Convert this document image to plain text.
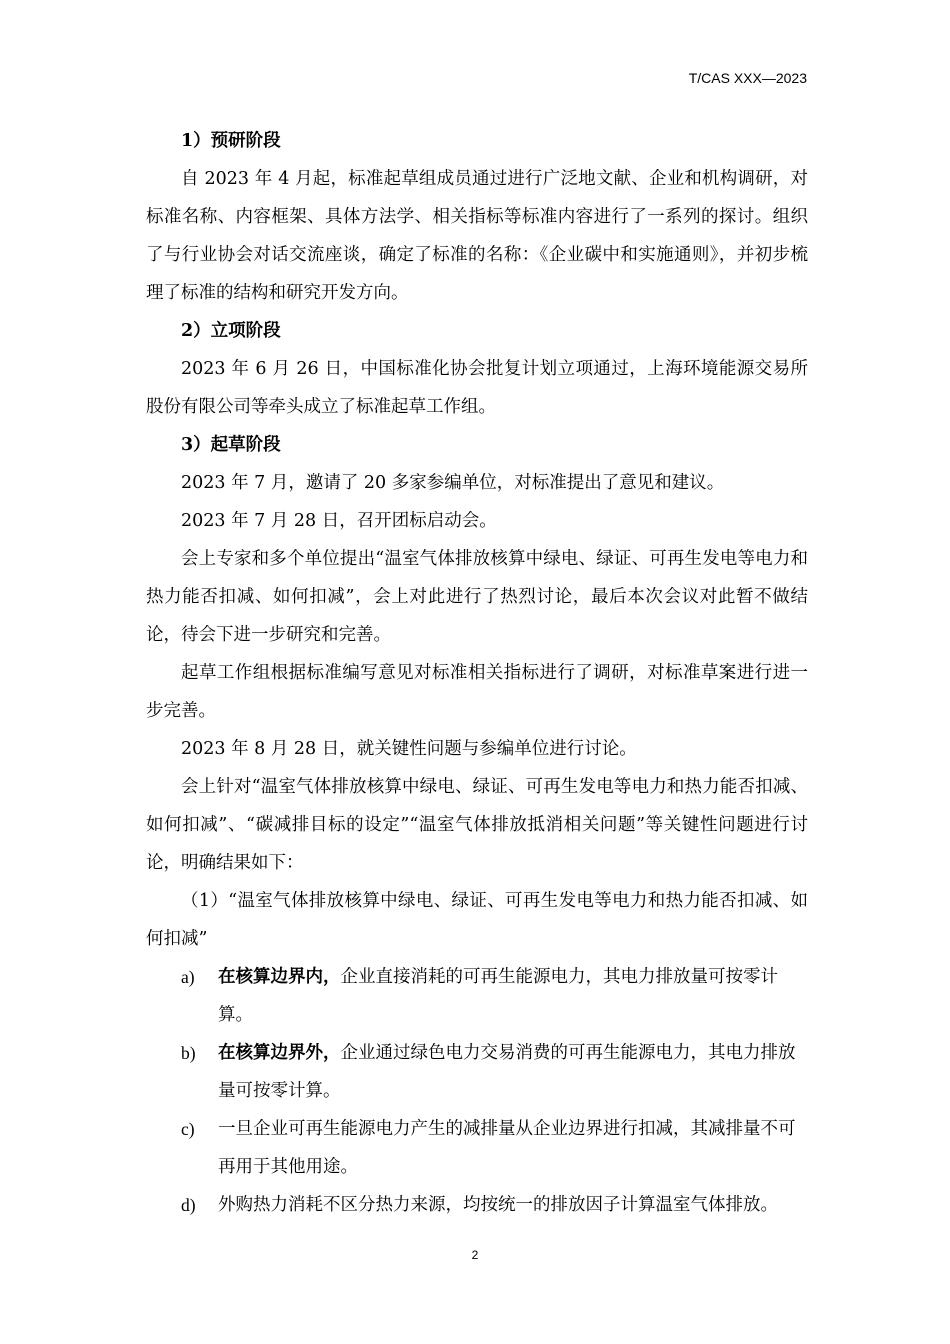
T/CAS XXX—2023

1）预研阶段

自 2023 年 4 月起，标准起草组成员通过进行广泛地文献、企业和机构调研，对标准名称、内容框架、具体方法学、相关指标等标准内容进行了一系列的探讨。组织了与行业协会对话交流座谈，确定了标准的名称：《企业碳中和实施通则》，并初步梳理了标准的结构和研究开发方向。

2）立项阶段

2023 年 6 月 26 日，中国标准化协会批复计划立项通过，上海环境能源交易所股份有限公司等牵头成立了标准起草工作组。

3）起草阶段

2023 年 7 月，邀请了 20 多家参编单位，对标准提出了意见和建议。

2023 年 7 月 28 日，召开团标启动会。

会上专家和多个单位提出“温室气体排放核算中绿电、绿证、可再生发电等电力和热力能否扣减、如何扣减”，会上对此进行了热烈讨论，最后本次会议对此暂不做结论，待会下进一步研究和完善。

起草工作组根据标准编写意见对标准相关指标进行了调研，对标准草案进行进一步完善。

2023 年 8 月 28 日，就关键性问题与参编单位进行讨论。

会上针对“温室气体排放核算中绿电、绿证、可再生发电等电力和热力能否扣减、如何扣减”、“碳减排目标的设定”“温室气体排放抵消相关问题”等关键性问题进行讨论，明确结果如下：

（1）“温室气体排放核算中绿电、绿证、可再生发电等电力和热力能否扣减、如何扣减”

a) 在核算边界内，企业直接消耗的可再生能源电力，其电力排放量可按零计算。

b) 在核算边界外，企业通过绿色电力交易消费的可再生能源电力，其电力排放量可按零计算。

c) 一旦企业可再生能源电力产生的减排量从企业边界进行扣减，其减排量不可再用于其他用途。

d) 外购热力消耗不区分热力来源，均按统一的排放因子计算温室气体排放。

2
